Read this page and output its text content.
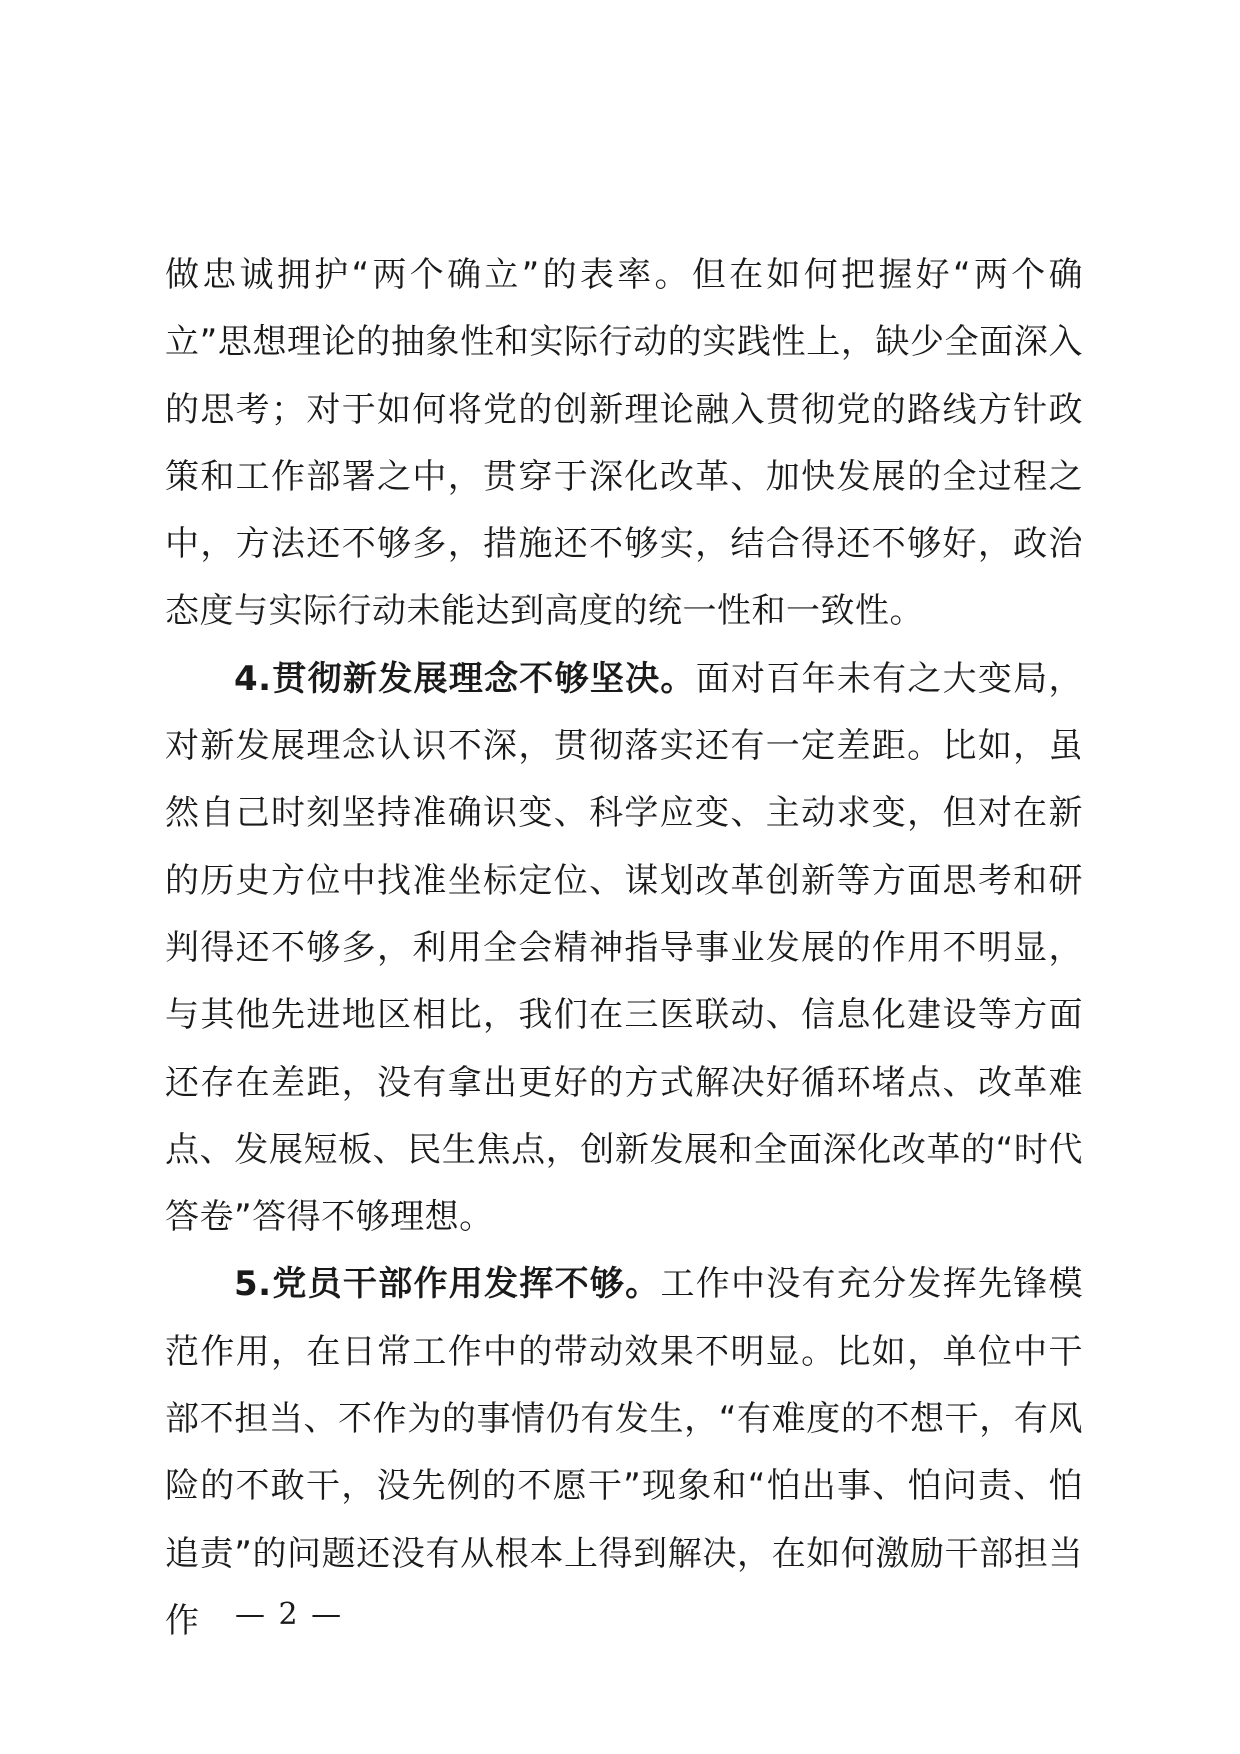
做忠诚拥护“两个确立”的表率。但在如何把握好“两个确立”思想理论的抽象性和实际行动的实践性上，缺少全面深入的思考；对于如何将党的创新理论融入贯彻党的路线方针政策和工作部署之中，贯穿于深化改革、加快发展的全过程之中，方法还不够多，措施还不够实，结合得还不够好，政治态度与实际行动未能达到高度的统一性和一致性。

4.贯彻新发展理念不够坚决。面对百年未有之大变局，对新发展理念认识不深，贯彻落实还有一定差距。比如，虽然自己时刻坚持准确识变、科学应变、主动求变，但对在新的历史方位中找准坐标定位、谋划改革创新等方面思考和研判得还不够多，利用全会精神指导事业发展的作用不明显，与其他先进地区相比，我们在三医联动、信息化建设等方面还存在差距，没有拿出更好的方式解决好循环堵点、改革难点、发展短板、民生焦点，创新发展和全面深化改革的“时代答卷”答得不够理想。

5.党员干部作用发挥不够。工作中没有充分发挥先锋模范作用，在日常工作中的带动效果不明显。比如，单位中干部不担当、不作为的事情仍有发生，“有难度的不想干，有风险的不敢干，没先例的不愿干”现象和“怕出事、怕问责、怕追责”的问题还没有从根本上得到解决，在如何激励干部担当作	— 2 —
